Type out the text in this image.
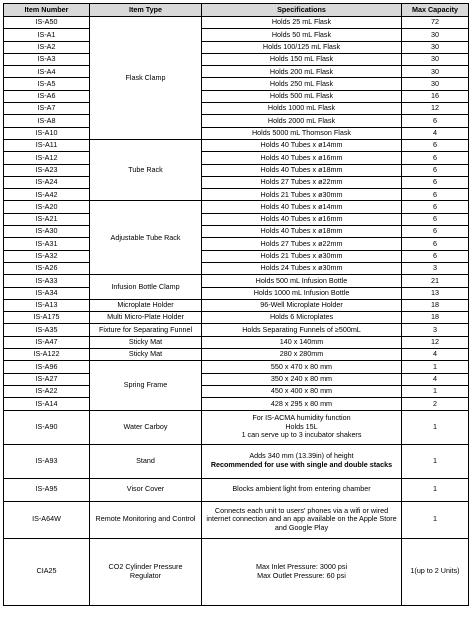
Item Number	Item Type	Specifications	Max Capacity
IS-A50	Flask Clamp	Holds 25 mL Flask	72
IS-A1		Holds 50 mL Flask	30
IS-A2		Holds 100/125 mL Flask	30
IS-A3		Holds 150 mL Flask	30
IS-A4		Holds 200 mL Flask	30
IS-A5		Holds 250 mL Flask	30
IS-A6		Holds 500 mL Flask	16
IS-A7		Holds 1000 mL Flask	12
IS-A8		Holds 2000 mL Flask	6
IS-A10		Holds 5000 mL Thomson Flask	4
IS-A11	Tube Rack	Holds 40 Tubes x ø14mm	6
IS-A12		Holds 40 Tubes x ø16mm	6
IS-A23		Holds 40 Tubes x ø18mm	6
IS-A24		Holds 27 Tubes x ø22mm	6
IS-A42		Holds 21 Tubes x ø30mm	6
IS-A20	Adjustable Tube Rack	Holds 40 Tubes x ø14mm	6
IS-A21		Holds 40 Tubes x ø16mm	6
IS-A30		Holds 40 Tubes x ø18mm	6
IS-A31		Holds 27 Tubes x ø22mm	6
IS-A32		Holds 21 Tubes x ø30mm	6
IS-A26		Holds 24 Tubes x ø30mm	3
IS-A33	Infusion Bottle Clamp	Holds 500 mL Infusion Bottle	21
IS-A34		Holds 1000 mL Infusion Bottle	13
IS-A13	Microplate Holder	96-Well Microplate Holder	18
IS-A175	Multi Micro-Plate Holder	Holds 6 Microplates	18
IS-A35	Fixture for Separating Funnel	Holds Separating Funnels of ≥500mL	3
IS-A47	Sticky Mat	140 x 140mm	12
IS-A122	Sticky Mat	280 x 280mm	4
IS-A96	Spring Frame	550 x 470 x 80 mm	1
IS-A27		350 x 240 x 80 mm	4
IS-A22		450 x 400 x 80 mm	1
IS-A14		428 x 295 x 80 mm	2
IS-A90	Water Carboy	For IS-ACMA humidity function
Holds 15L
1 can serve up to 3 incubator shakers	1
IS-A93	Stand	Adds 340 mm (13.39in) of height
Recommended for use with single and double stacks	1
IS-A95	Visor Cover	Blocks ambient light from entering chamber	1
IS-A64W	Remote Monitoring and Control	Connects each unit to users' phones via a wifi or wired
internet connection and an app available on the Apple Store
and Google Play	1
CIA25	CO2 Cylinder Pressure Regulator	Max Inlet Pressure: 3000 psi
Max Outlet Pressure: 60 psi	1(up to 2 Units)
